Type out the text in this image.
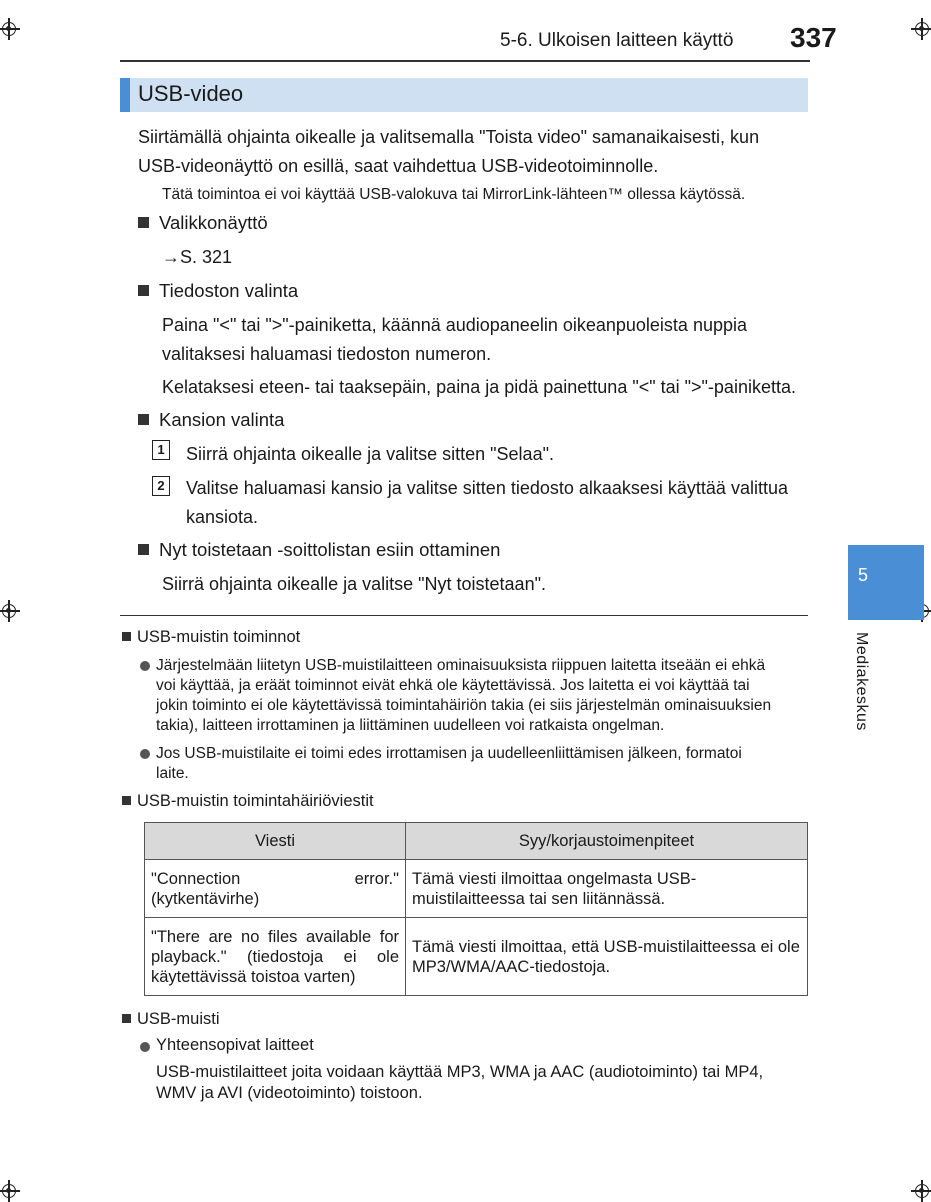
5-6. Ulkoisen laitteen käyttö 337
USB-video
Siirtämällä ohjainta oikealle ja valitsemalla "Toista video" samanaikaisesti, kun
USB-videonäyttö on esillä, saat vaihdettua USB-videotoiminnolle.
Tätä toimintoa ei voi käyttää USB-valokuva tai MirrorLink-lähteen™ ollessa käytössä.
Valikkonäyttö
→S. 321
Tiedoston valinta
Paina "<" tai ">"-painiketta, käännä audiopaneelin oikeanpuoleista nuppia
valitaksesi haluamasi tiedoston numeron.
Kelataksesi eteen- tai taaksepäin, paina ja pidä painettuna "<" tai ">"-painiketta.
Kansion valinta
1 Siirrä ohjainta oikealle ja valitse sitten "Selaa".
2 Valitse haluamasi kansio ja valitse sitten tiedosto alkaaksesi käyttää valittua
kansiota.
Nyt toistetaan -soittolistan esiin ottaminen
Siirrä ohjainta oikealle ja valitse "Nyt toistetaan".	5
Mediakeskus
USB-muistin toiminnot
Järjestelmään liitetyn USB-muistilaitteen ominaisuuksista riippuen laitetta itseään ei ehkä
voi käyttää, ja eräät toiminnot eivät ehkä ole käytettävissä. Jos laitetta ei voi käyttää tai
jokin toiminto ei ole käytettävissä toimintahäiriön takia (ei siis järjestelmän ominaisuuksien
takia), laitteen irrottaminen ja liittäminen uudelleen voi ratkaista ongelman.
Jos USB-muistilaite ei toimi edes irrottamisen ja uudelleenliittämisen jälkeen, formatoi
laite.
USB-muistin toimintahäiriöviestit
Viesti	Syy/korjaustoimenpiteet
"Connection error." (kytkentävirhe)	Tämä viesti ilmoittaa ongelmasta USB-muistilaitteessa tai sen liitännässä.
"There are no files available for playback." (tiedostoja ei ole käytettävissä toistoa varten)	Tämä viesti ilmoittaa, että USB-muistilaitteessa ei ole MP3/WMA/AAC-tiedostoja.
USB-muisti
Yhteensopivat laitteet
USB-muistilaitteet joita voidaan käyttää MP3, WMA ja AAC (audiotoiminto) tai MP4,
WMV ja AVI (videotoiminto) toistoon.
